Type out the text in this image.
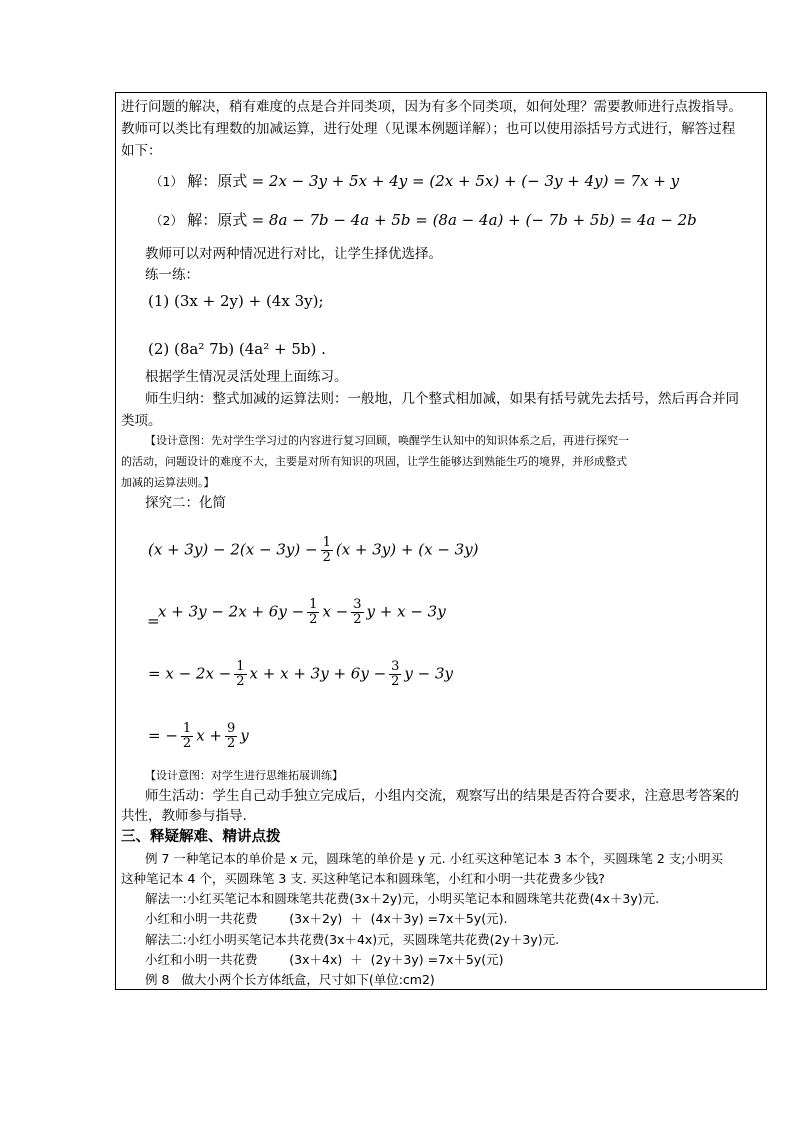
进行问题的解决，稍有难度的点是合并同类项，因为有多个同类项，如何处理？需要教师进行点拨指导。
教师可以类比有理数的加减运算，进行处理（见课本例题详解）；也可以使用添括号方式进行，解答过程
如下：
（1） 解：原式 = 2x − 3y + 5x + 4y = (2x + 5x) + (− 3y + 4y) = 7x + y
（2） 解：原式 = 8a − 7b − 4a + 5b = (8a − 4a) + (− 7b + 5b) = 4a − 2b
教师可以对两种情况进行对比，让学生择优选择。
练一练：
(1) (3x + 2y) + (4x 3y);
(2) (8a² 7b) (4a² + 5b) .
根据学生情况灵活处理上面练习。
师生归纳：整式加减的运算法则：一般地，几个整式相加减，如果有括号就先去括号，然后再合并同
类项。
【设计意图：先对学生学习过的内容进行复习回顾，唤醒学生认知中的知识体系之后，再进行探究一
的活动，问题设计的难度不大，主要是对所有知识的巩固，让学生能够达到熟能生巧的境界，并形成整式
加减的运算法则。】
探究二：化简
$(x + 3y) - 2(x - 3y) - \frac{1}{2} (x + 3y) + (x - 3y)$
=
$x + 3y - 2x + 6y - \frac{1}{2}$ $x - \frac{3}{2}$ y + x − 3y
= $x - 2x - \frac{1}{2}$ $x + x + 3y + 6y - \frac{3}{2}$ y − 3y
= − $\frac{1}{2}$ $x + \frac{9}{2}$ y
【设计意图：对学生进行思维拓展训练】
师生活动：学生自己动手独立完成后，小组内交流，观察写出的结果是否符合要求，注意思考答案的
共性，教师参与指导.
三、释疑解难、精讲点拨
例 7 一种笔记本的单价是 x 元，圆珠笔的单价是 y 元. 小红买这种笔记本 3 本个，买圆珠笔 2 支;小明买
这种笔记本 4 个，买圆珠笔 3 支. 买这种笔记本和圆珠笔，小红和小明一共花费多少钱?
解法一:小红买笔记本和圆珠笔共花费(3x＋2y)元，小明买笔记本和圆珠笔共花费(4x＋3y)元.
小红和小明一共花费        (3x＋2y)  ＋  (4x＋3y) =7x＋5y(元).
解法二:小红小明买笔记本共花费(3x＋4x)元，买圆珠笔共花费(2y＋3y)元.
小红和小明一共花费        (3x＋4x)  ＋  (2y＋3y) =7x＋5y(元)
例 8   做大小两个长方体纸盒，尺寸如下(单位:cm2)
